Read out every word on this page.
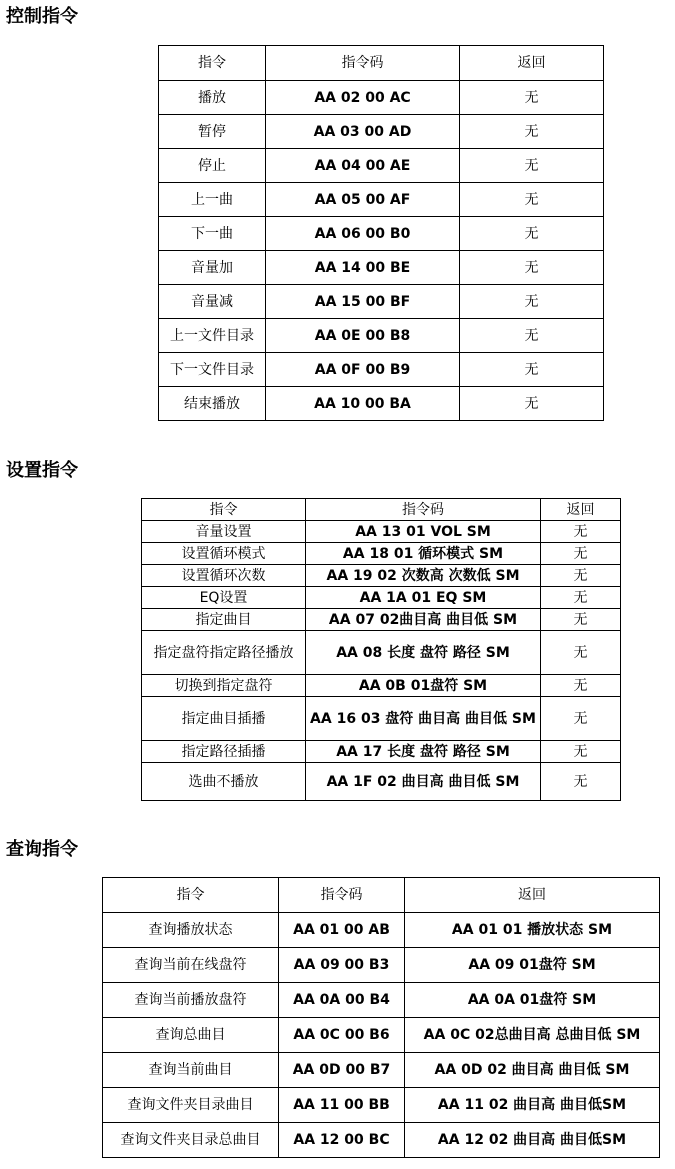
控制指令
指令	指令码	返回
播放	AA 02 00 AC	无
暂停	AA 03 00 AD	无
停止	AA 04 00 AE	无
上一曲	AA 05 00 AF	无
下一曲	AA 06 00 B0	无
音量加	AA 14 00 BE	无
音量减	AA 15 00 BF	无
上一文件目录	AA 0E 00 B8	无
下一文件目录	AA 0F 00 B9	无
结束播放	AA 10 00 BA	无
设置指令
指令	指令码	返回
音量设置	AA 13 01 VOL SM	无
设置循环模式	AA 18 01 循环模式 SM	无
设置循环次数	AA 19 02 次数高 次数低 SM	无
EQ设置	AA 1A 01 EQ SM	无
指定曲目	AA 07 02曲目高 曲目低 SM	无
指定盘符指定路径播放	AA 08 长度 盘符 路径 SM	无
切换到指定盘符	AA 0B 01盘符 SM	无
指定曲目插播	AA 16 03 盘符 曲目高 曲目低 SM	无
指定路径插播	AA 17 长度 盘符 路径 SM	无
选曲不播放	AA 1F 02 曲目高 曲目低 SM	无
查询指令
指令	指令码	返回
查询播放状态	AA 01 00 AB	AA 01 01 播放状态 SM
查询当前在线盘符	AA 09 00 B3	AA 09 01盘符 SM
查询当前播放盘符	AA 0A 00 B4	AA 0A 01盘符 SM
查询总曲目	AA 0C 00 B6	AA 0C 02总曲目高 总曲目低 SM
查询当前曲目	AA 0D 00 B7	AA 0D 02 曲目高 曲目低 SM
查询文件夹目录曲目	AA 11 00 BB	AA 11 02 曲目高 曲目低SM
查询文件夹目录总曲目	AA 12 00 BC	AA 12 02 曲目高 曲目低SM
